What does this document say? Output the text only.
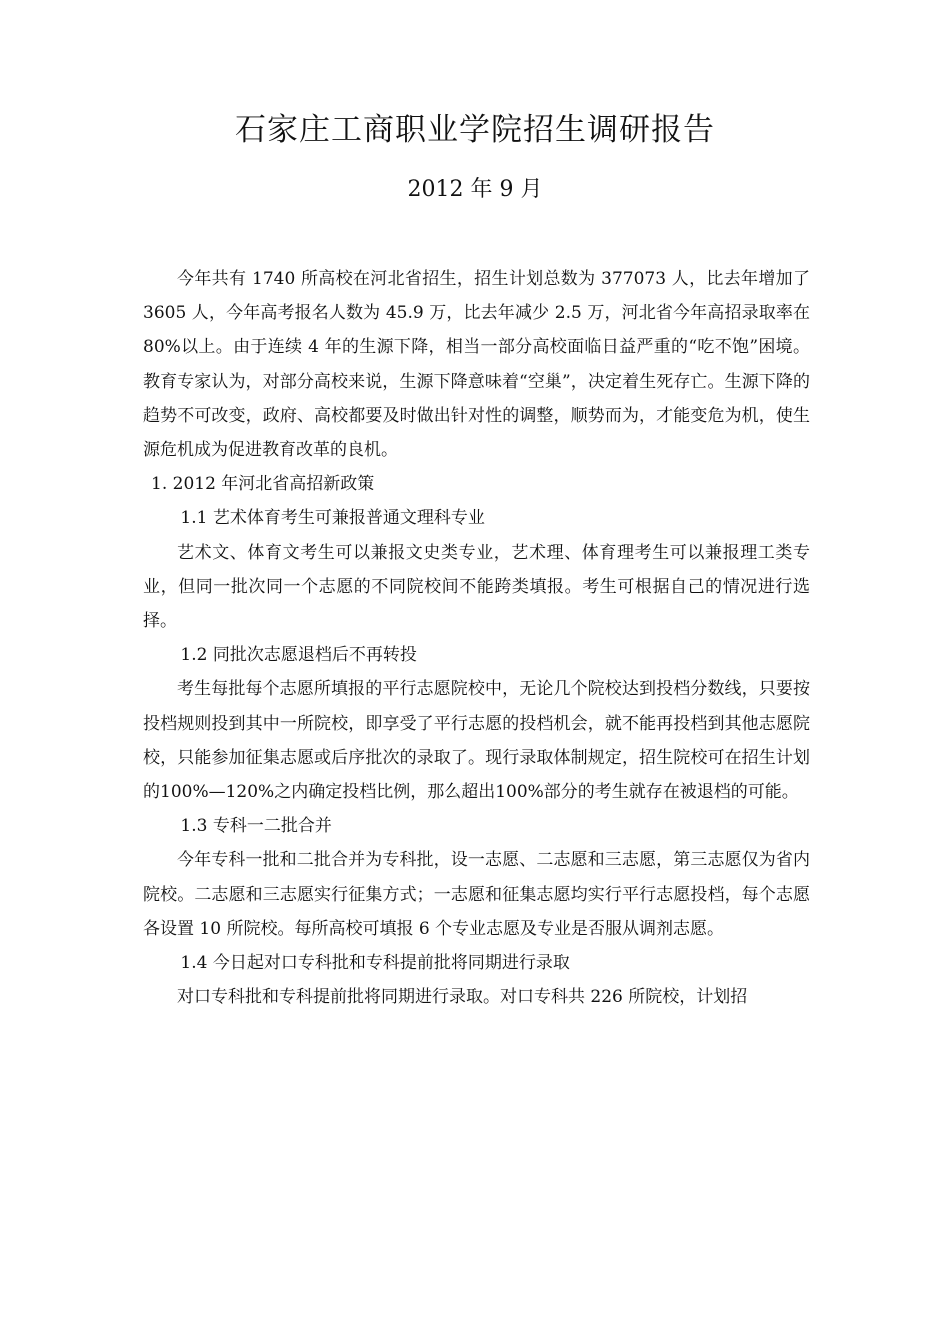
石家庄工商职业学院招生调研报告
2012 年 9 月

今年共有 1740 所高校在河北省招生，招生计划总数为 377073 人，比去年增加了 3605 人，今年高考报名人数为 45.9 万，比去年减少 2.5 万，河北省今年高招录取率在 80%以上。由于连续 4 年的生源下降，相当一部分高校面临日益严重的“吃不饱”困境。教育专家认为，对部分高校来说，生源下降意味着“空巢”，决定着生死存亡。生源下降的趋势不可改变，政府、高校都要及时做出针对性的调整，顺势而为，才能变危为机，使生源危机成为促进教育改革的良机。

1. 2012 年河北省高招新政策

1.1 艺术体育考生可兼报普通文理科专业

艺术文、体育文考生可以兼报文史类专业，艺术理、体育理考生可以兼报理工类专业，但同一批次同一个志愿的不同院校间不能跨类填报。考生可根据自己的情况进行选择。

1.2 同批次志愿退档后不再转投

考生每批每个志愿所填报的平行志愿院校中，无论几个院校达到投档分数线，只要按投档规则投到其中一所院校，即享受了平行志愿的投档机会，就不能再投档到其他志愿院校，只能参加征集志愿或后序批次的录取了。现行录取体制规定，招生院校可在招生计划的100%—120%之内确定投档比例，那么超出100%部分的考生就存在被退档的可能。

1.3 专科一二批合并

今年专科一批和二批合并为专科批，设一志愿、二志愿和三志愿，第三志愿仅为省内院校。二志愿和三志愿实行征集方式；一志愿和征集志愿均实行平行志愿投档，每个志愿各设置 10 所院校。每所高校可填报 6 个专业志愿及专业是否服从调剂志愿。

1.4 今日起对口专科批和专科提前批将同期进行录取

对口专科批和专科提前批将同期进行录取。对口专科共 226 所院校，计划招
